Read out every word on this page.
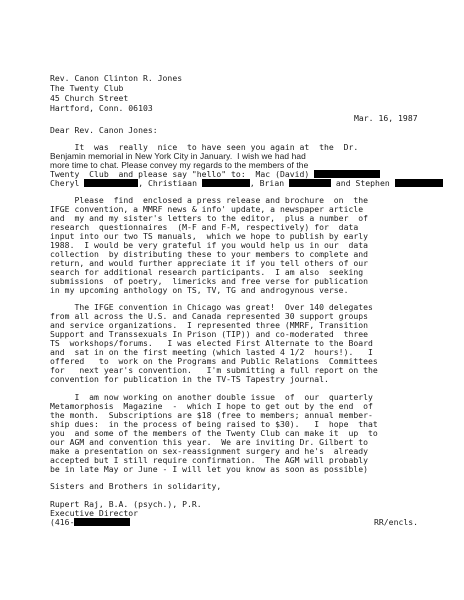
Rev. Canon Clinton R. Jones
The Twenty Club
45 Church Street
Hartford, Conn. 06103
Mar. 16, 1987
Dear Rev. Canon Jones:
It  was  really  nice  to have seen you again at  the  Dr.
Benjamin memorial in New York City in January.  I wish we had had
more time to chat. Please convey my regards to the members of the
Twenty  Club  and please say "hello" to:  Mac (David)
Cheryl	, Christiaan	, Brian	and Stephen
Please  find  enclosed a press release and brochure  on  the
IFGE convention, a MMRF news & info' update, a newspaper article
and  my and my sister's letters to the editor,  plus a number  of
research  questionnaires  (M-F and F-M, respectively) for  data
input into our two TS manuals,  which we hope to publish by early
1988.  I would be very grateful if you would help us in our  data
collection  by distributing these to your members to complete and
return, and would further appreciate it if you tell others of our
search for additional research participants.  I am also  seeking
submissions  of poetry,  limericks and free verse for publication
in my upcoming anthology on TS, TV, TG and androgynous verse.
The IFGE convention in Chicago was great!  Over 140 delegates
from all across the U.S. and Canada represented 30 support groups
and service organizations.  I represented three (MMRF, Transition
Support and Transsexuals In Prison (TIP)) and co-moderated  three
TS  workshops/forums.   I was elected First Alternate to the Board
and  sat in on the first meeting (which lasted 4 1/2  hours!).   I
offered   to  work on the Programs and Public Relations  Committees
for   next year's convention.   I'm submitting a full report on the
convention for publication in the TV-TS Tapestry journal.
I  am now working on another double issue  of  our  quarterly
Metamorphosis  Magazine  -  which I hope to get out by the end  of
the month.  Subscriptions are $18 (free to members; annual member-
ship dues:  in the process of being raised to $30).   I  hope  that
you  and some of the members of the Twenty Club can make it  up  to
our AGM and convention this year.  We are inviting Dr. Gilbert to
make a presentation on sex-reassignment surgery and he's  already
accepted but I still require confirmation.  The AGM will probably
be in late May or June - I will let you know as soon as possible)
Sisters and Brothers in solidarity,
Rupert Raj, B.A. (psych.), P.R.
Executive Director
(416-	RR/encls.
